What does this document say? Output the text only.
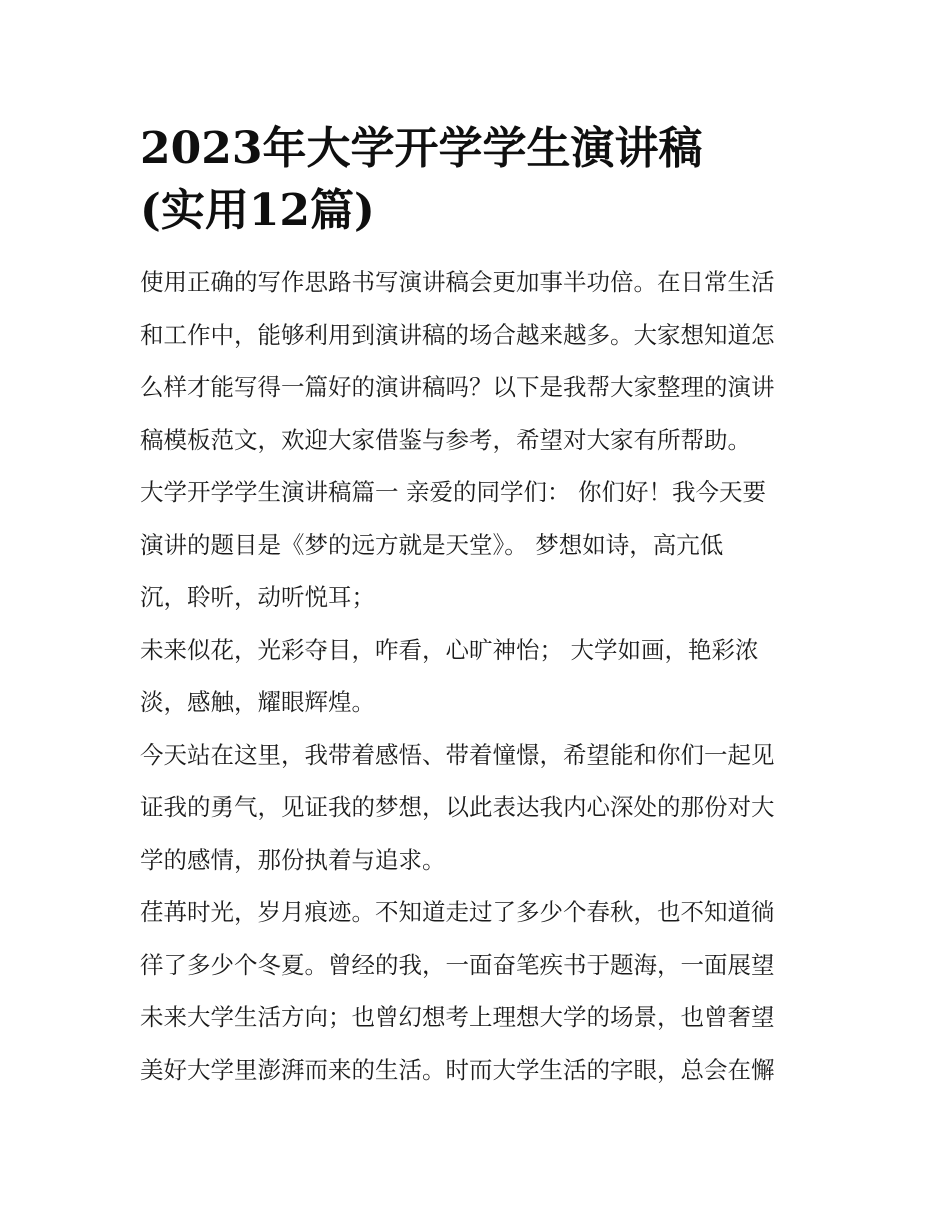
2023年大学开学学生演讲稿
(实用12篇)

使用正确的写作思路书写演讲稿会更加事半功倍。在日常生活
和工作中，能够利用到演讲稿的场合越来越多。大家想知道怎
么样才能写得一篇好的演讲稿吗？以下是我帮大家整理的演讲
稿模板范文，欢迎大家借鉴与参考，希望对大家有所帮助。

大学开学学生演讲稿篇一 亲爱的同学们： 你们好！我今天要
演讲的题目是《梦的远方就是天堂》。 梦想如诗，高亢低
沉，聆听，动听悦耳；

未来似花，光彩夺目，咋看，心旷神怡； 大学如画，艳彩浓
淡，感触，耀眼辉煌。

今天站在这里，我带着感悟、带着憧憬，希望能和你们一起见
证我的勇气，见证我的梦想，以此表达我内心深处的那份对大
学的感情，那份执着与追求。

荏苒时光，岁月痕迹。不知道走过了多少个春秋，也不知道徜
徉了多少个冬夏。曾经的我，一面奋笔疾书于题海，一面展望
未来大学生活方向；也曾幻想考上理想大学的场景，也曾奢望
美好大学里澎湃而来的生活。时而大学生活的字眼，总会在懈
